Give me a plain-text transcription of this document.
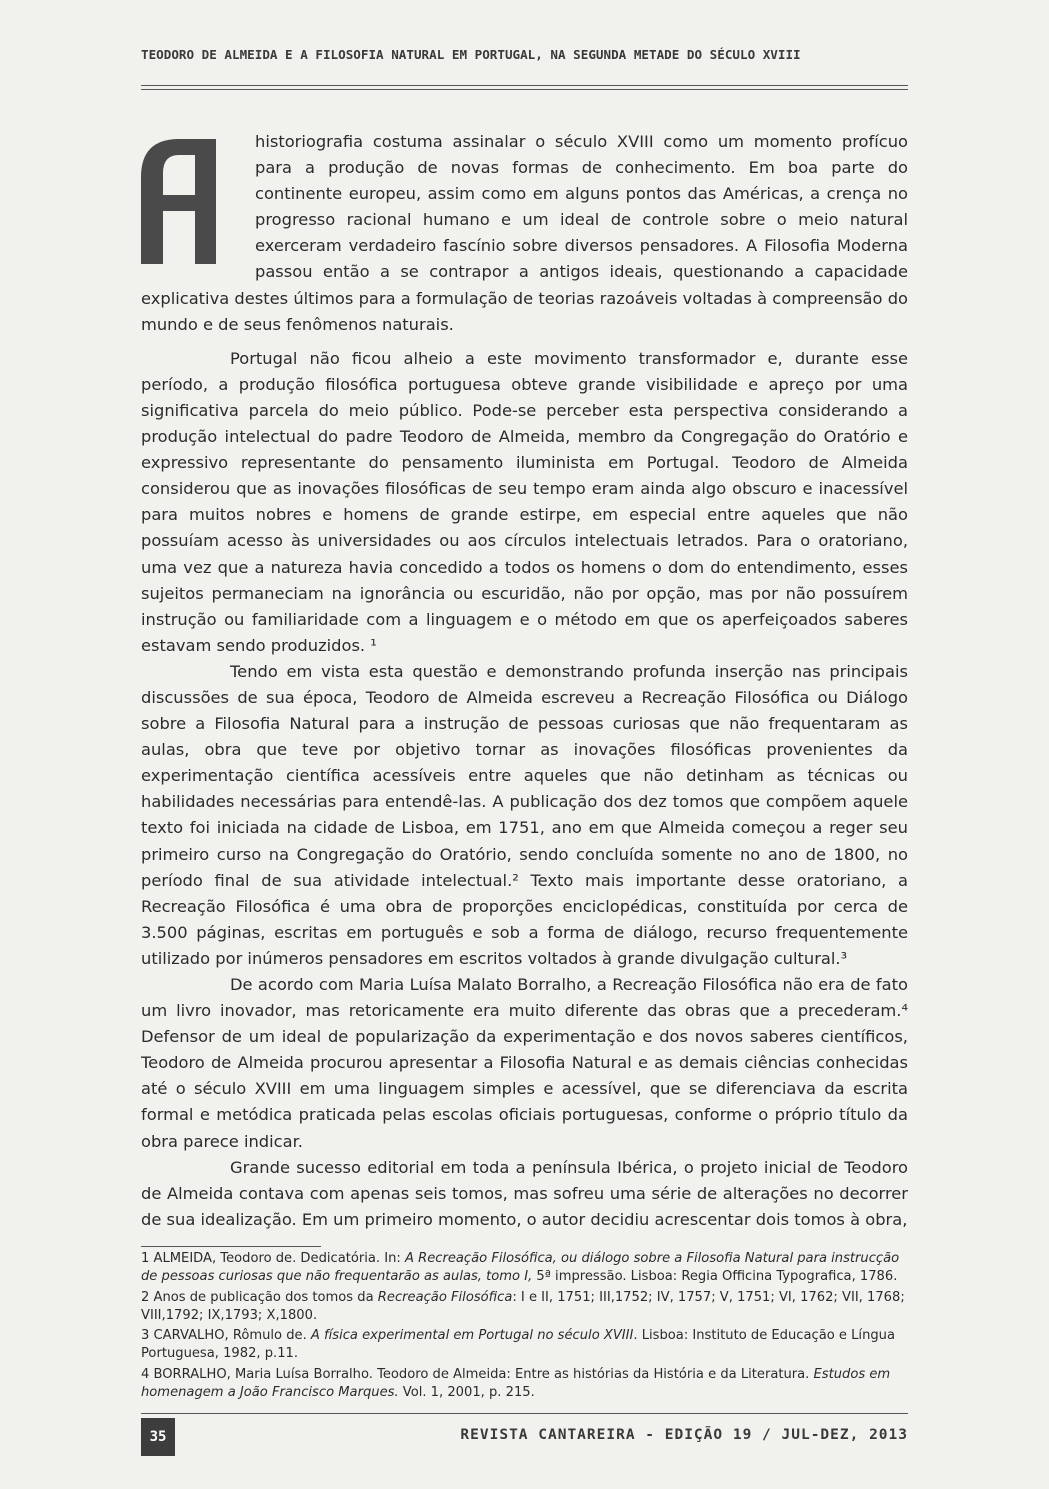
TEODORO DE ALMEIDA E A FILOSOFIA NATURAL EM PORTUGAL, NA SEGUNDA METADE DO SÉCULO XVIII

historiografia costuma assinalar o século XVIII como um momento profícuo para a produção de novas formas de conhecimento. Em boa parte do continente europeu, assim como em alguns pontos das Américas, a crença no progresso racional humano e um ideal de controle sobre o meio natural exerceram verdadeiro fascínio sobre diversos pensadores. A Filosofia Moderna passou então a se contrapor a antigos ideais, questionando a capacidade explicativa destes últimos para a formulação de teorias razoáveis voltadas à compreensão do mundo e de seus fenômenos naturais.

Portugal não ficou alheio a este movimento transformador e, durante esse período, a produção filosófica portuguesa obteve grande visibilidade e apreço por uma significativa parcela do meio público. Pode-se perceber esta perspectiva considerando a produção intelectual do padre Teodoro de Almeida, membro da Congregação do Oratório e expressivo representante do pensamento iluminista em Portugal. Teodoro de Almeida considerou que as inovações filosóficas de seu tempo eram ainda algo obscuro e inacessível para muitos nobres e homens de grande estirpe, em especial entre aqueles que não possuíam acesso às universidades ou aos círculos intelectuais letrados. Para o oratoriano, uma vez que a natureza havia concedido a todos os homens o dom do entendimento, esses sujeitos permaneciam na ignorância ou escuridão, não por opção, mas por não possuírem instrução ou familiaridade com a linguagem e o método em que os aperfeiçoados saberes estavam sendo produzidos. ¹

Tendo em vista esta questão e demonstrando profunda inserção nas principais discussões de sua época, Teodoro de Almeida escreveu a Recreação Filosófica ou Diálogo sobre a Filosofia Natural para a instrução de pessoas curiosas que não frequentaram as aulas, obra que teve por objetivo tornar as inovações filosóficas provenientes da experimentação científica acessíveis entre aqueles que não detinham as técnicas ou habilidades necessárias para entendê-las. A publicação dos dez tomos que compõem aquele texto foi iniciada na cidade de Lisboa, em 1751, ano em que Almeida começou a reger seu primeiro curso na Congregação do Oratório, sendo concluída somente no ano de 1800, no período final de sua atividade intelectual.² Texto mais importante desse oratoriano, a Recreação Filosófica é uma obra de proporções enciclopédicas, constituída por cerca de 3.500 páginas, escritas em português e sob a forma de diálogo, recurso frequentemente utilizado por inúmeros pensadores em escritos voltados à grande divulgação cultural.³

De acordo com Maria Luísa Malato Borralho, a Recreação Filosófica não era de fato um livro inovador, mas retoricamente era muito diferente das obras que a precederam.⁴ Defensor de um ideal de popularização da experimentação e dos novos saberes científicos, Teodoro de Almeida procurou apresentar a Filosofia Natural e as demais ciências conhecidas até o século XVIII em uma linguagem simples e acessível, que se diferenciava da escrita formal e metódica praticada pelas escolas oficiais portuguesas, conforme o próprio título da obra parece indicar.

Grande sucesso editorial em toda a península Ibérica, o projeto inicial de Teodoro de Almeida contava com apenas seis tomos, mas sofreu uma série de alterações no decorrer de sua idealização. Em um primeiro momento, o autor decidiu acrescentar dois tomos à obra,

1 ALMEIDA, Teodoro de. Dedicatória. In: A Recreação Filosófica, ou diálogo sobre a Filosofia Natural para instrucção de pessoas curiosas que não frequentarão as aulas, tomo I, 5ª impressão. Lisboa: Regia Officina Typografica, 1786.

2 Anos de publicação dos tomos da Recreação Filosófica: I e II, 1751; III,1752; IV, 1757; V, 1751; VI, 1762; VII, 1768; VIII,1792; IX,1793; X,1800.

3 CARVALHO, Rômulo de. A física experimental em Portugal no século XVIII. Lisboa: Instituto de Educação e Língua Portuguesa, 1982, p.11.

4 BORRALHO, Maria Luísa Borralho. Teodoro de Almeida: Entre as histórias da História e da Literatura. Estudos em homenagem a João Francisco Marques. Vol. 1, 2001, p. 215.

35	REVISTA CANTAREIRA - EDIÇÃO 19 / JUL-DEZ, 2013
